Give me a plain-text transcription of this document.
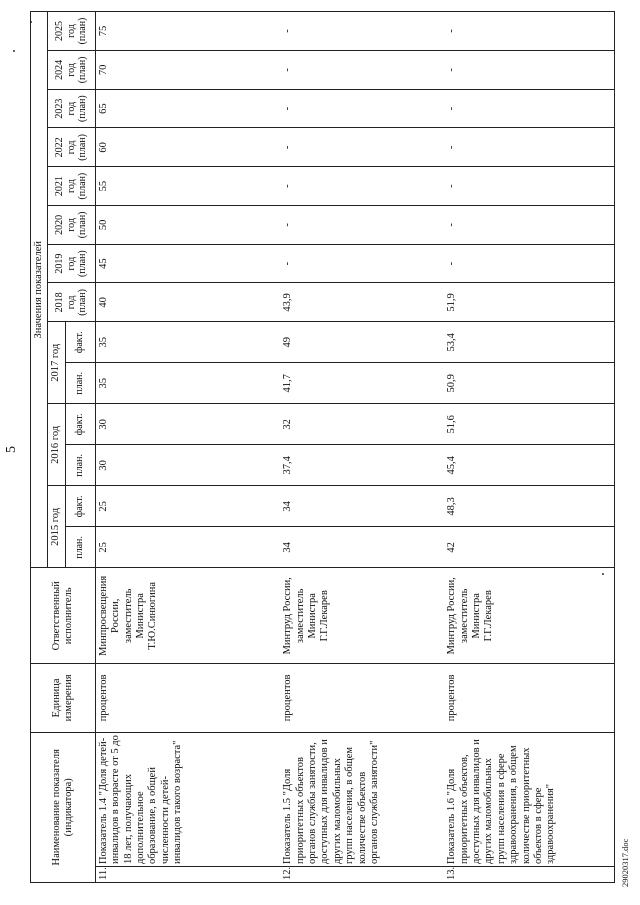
5
Наименование показателя (индикатора)		Единица измерения	Ответственный исполнитель	Значения показателей													
				2015 год		2016 год		2017 год		2018 год (план)	2019 год (план)	2020 год (план)	2021 год (план)	2022 год (план)	2023 год (план)	2024 год (план)	2025 год (план)
				план.	факт.	план.	факт.	план.	факт.								
11.	Показатель 1.4 "Доля детей-инвалидов в возрасте от 5 до 18 лет, получающих дополнительное образование, в общей численности детей-инвалидов такого возраста"	процентов	Минпросвещения России, заместитель Министра Т.Ю.Синюгина	25	25	30	30	35	35	40	45	50	55	60	65	70	75
12.	Показатель 1.5 "Доля приоритетных объектов органов службы занятости, доступных для инвалидов и других маломобильных групп населения, в общем количестве объектов органов службы занятости"	процентов	Минтруд России, заместитель Министра Г.Г.Лекарев	34	34	37,4	32	41,7	49	43,9	-	-	-	-	-	-	-
13.	Показатель 1.6 "Доля приоритетных объектов, доступных для инвалидов и других маломобильных групп населения в сфере здравоохранения, в общем количестве приоритетных объектов в сфере здравоохранения"	процентов	Минтруд России, заместитель Министра Г.Г.Лекарев	42	48,3	45,4	51,6	50,9	53,4	51,9	-	-	-	-	-	-	-
29020317.doc
